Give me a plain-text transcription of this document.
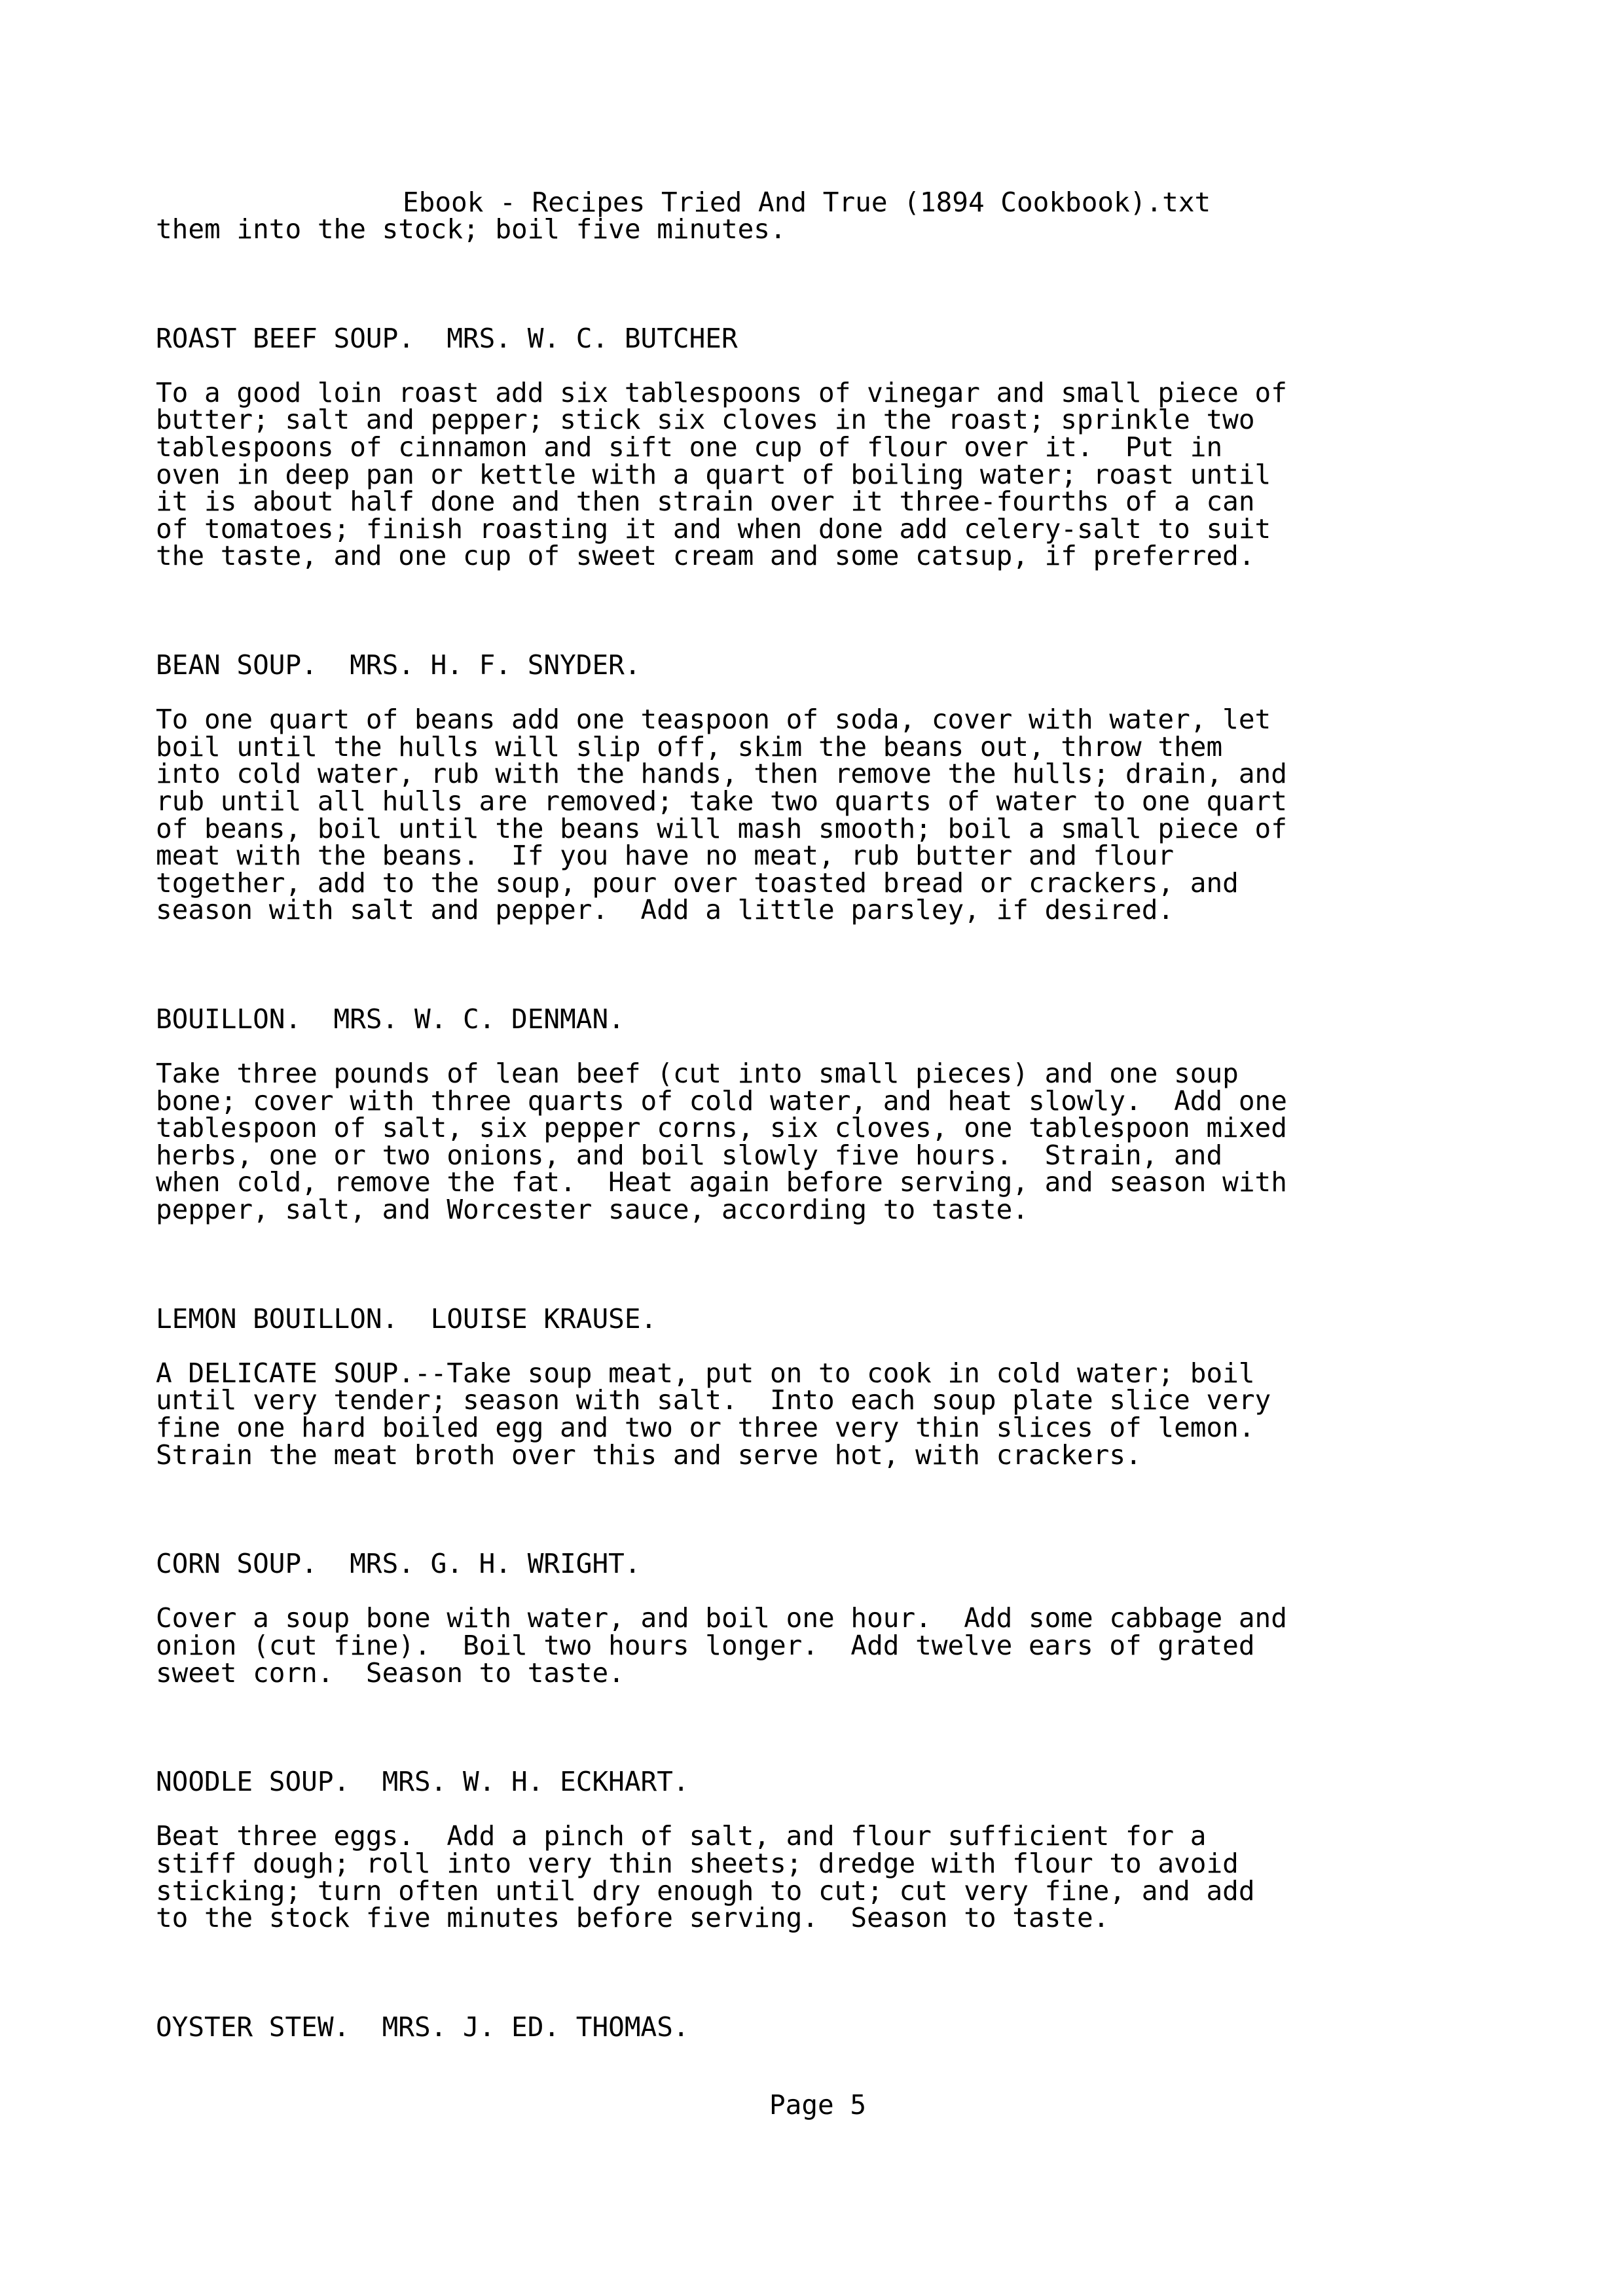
Ebook - Recipes Tried And True (1894 Cookbook).txt
them into the stock; boil five minutes.
ROAST BEEF SOUP.  MRS. W. C. BUTCHER
To a good loin roast add six tablespoons of vinegar and small piece of
butter; salt and pepper; stick six cloves in the roast; sprinkle two
tablespoons of cinnamon and sift one cup of flour over it.  Put in
oven in deep pan or kettle with a quart of boiling water; roast until
it is about half done and then strain over it three-fourths of a can
of tomatoes; finish roasting it and when done add celery-salt to suit
the taste, and one cup of sweet cream and some catsup, if preferred.
BEAN SOUP.  MRS. H. F. SNYDER.
To one quart of beans add one teaspoon of soda, cover with water, let
boil until the hulls will slip off, skim the beans out, throw them
into cold water, rub with the hands, then remove the hulls; drain, and
rub until all hulls are removed; take two quarts of water to one quart
of beans, boil until the beans will mash smooth; boil a small piece of
meat with the beans.  If you have no meat, rub butter and flour
together, add to the soup, pour over toasted bread or crackers, and
season with salt and pepper.  Add a little parsley, if desired.
BOUILLON.  MRS. W. C. DENMAN.
Take three pounds of lean beef (cut into small pieces) and one soup
bone; cover with three quarts of cold water, and heat slowly.  Add one
tablespoon of salt, six pepper corns, six cloves, one tablespoon mixed
herbs, one or two onions, and boil slowly five hours.  Strain, and
when cold, remove the fat.  Heat again before serving, and season with
pepper, salt, and Worcester sauce, according to taste.
LEMON BOUILLON.  LOUISE KRAUSE.
A DELICATE SOUP.--Take soup meat, put on to cook in cold water; boil
until very tender; season with salt.  Into each soup plate slice very
fine one hard boiled egg and two or three very thin slices of lemon.
Strain the meat broth over this and serve hot, with crackers.
CORN SOUP.  MRS. G. H. WRIGHT.
Cover a soup bone with water, and boil one hour.  Add some cabbage and
onion (cut fine).  Boil two hours longer.  Add twelve ears of grated
sweet corn.  Season to taste.
NOODLE SOUP.  MRS. W. H. ECKHART.
Beat three eggs.  Add a pinch of salt, and flour sufficient for a
stiff dough; roll into very thin sheets; dredge with flour to avoid
sticking; turn often until dry enough to cut; cut very fine, and add
to the stock five minutes before serving.  Season to taste.
OYSTER STEW.  MRS. J. ED. THOMAS.
Page 5
